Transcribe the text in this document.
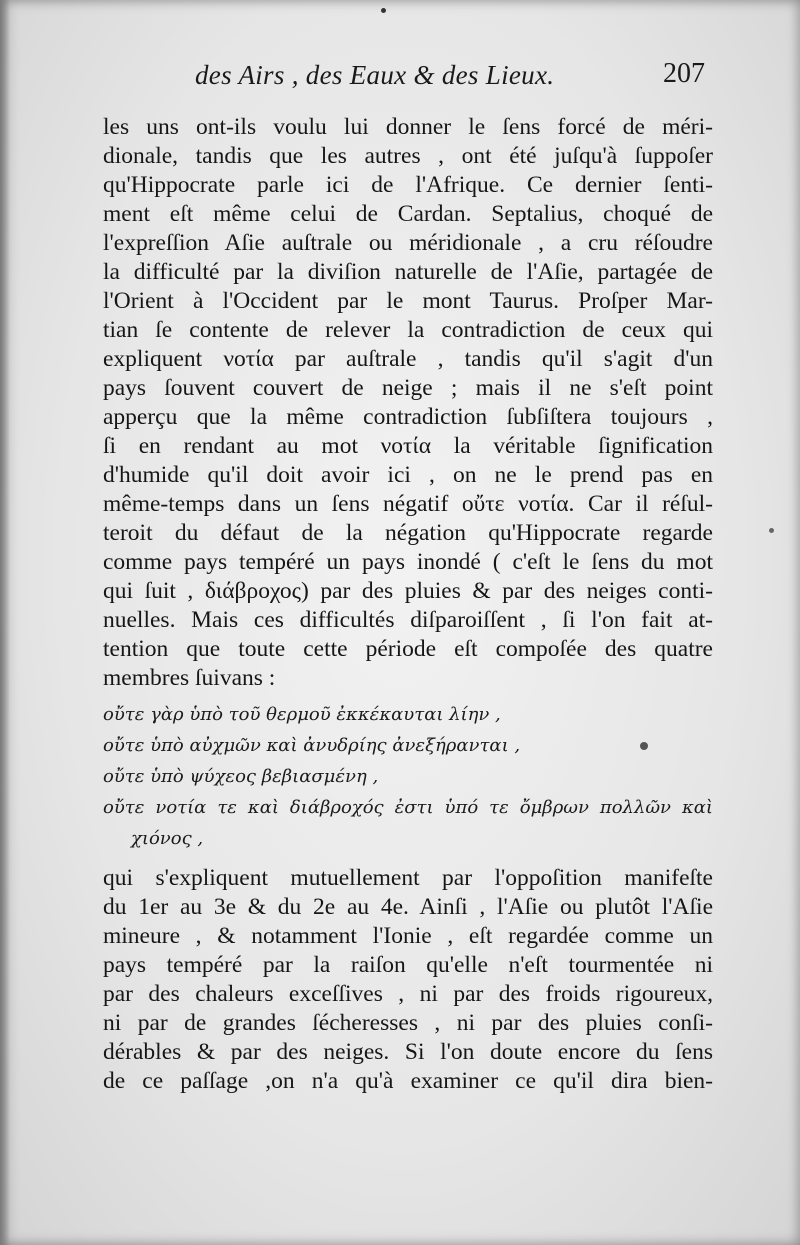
des Airs , des Eaux & des Lieux.	207
les uns ont-ils voulu lui donner le ſens forcé de méri-
dionale, tandis que les autres , ont été juſqu'à ſuppoſer
qu'Hippocrate parle ici de l'Afrique. Ce dernier ſenti-
ment eſt même celui de Cardan. Septalius, choqué de
l'expreſſion Aſie auſtrale ou méridionale , a cru réſoudre
la difficulté par la diviſion naturelle de l'Aſie, partagée de
l'Orient à l'Occident par le mont Taurus. Proſper Mar-
tian ſe contente de relever la contradiction de ceux qui
expliquent νοτία par auſtrale , tandis qu'il s'agit d'un
pays ſouvent couvert de neige ; mais il ne s'eſt point
apperçu que la même contradiction ſubſiſtera toujours ,
ſi en rendant au mot νοτία la véritable ſignification
d'humide qu'il doit avoir ici , on ne le prend pas en
même-temps dans un ſens négatif οὔτε νοτία. Car il réſul-
teroit du défaut de la négation qu'Hippocrate regarde
comme pays tempéré un pays inondé ( c'eſt le ſens du mot
qui ſuit , διάβροχος) par des pluies & par des neiges conti-
nuelles. Mais ces difficultés diſparoiſſent , ſi l'on fait at-
tention que toute cette période eſt compoſée des quatre
membres ſuivans :
οὔτε γὰρ ὑπὸ τοῦ θερμοῦ ἐκκέκαυται λίην ,
οὔτε ὑπὸ αὐχμῶν καὶ ἀνυδρίης ἀνεξήρανται ,
οὔτε ὑπὸ ψύχεος βεβιασμένη ,
οὔτε νοτία τε καὶ διάβροχός ἐστι ὑπό τε ὄμβρων πολλῶν καὶ
χιόνος ,
qui s'expliquent mutuellement par l'oppoſition manifeſte
du 1er au 3e & du 2e au 4e. Ainſi , l'Aſie ou plutôt l'Aſie
mineure , & notamment l'Ionie , eſt regardée comme un
pays tempéré par la raiſon qu'elle n'eſt tourmentée ni
par des chaleurs exceſſives , ni par des froids rigoureux,
ni par de grandes ſécheresses , ni par des pluies conſi-
dérables & par des neiges. Si l'on doute encore du ſens
de ce paſſage ,on n'a qu'à examiner ce qu'il dira bien-
